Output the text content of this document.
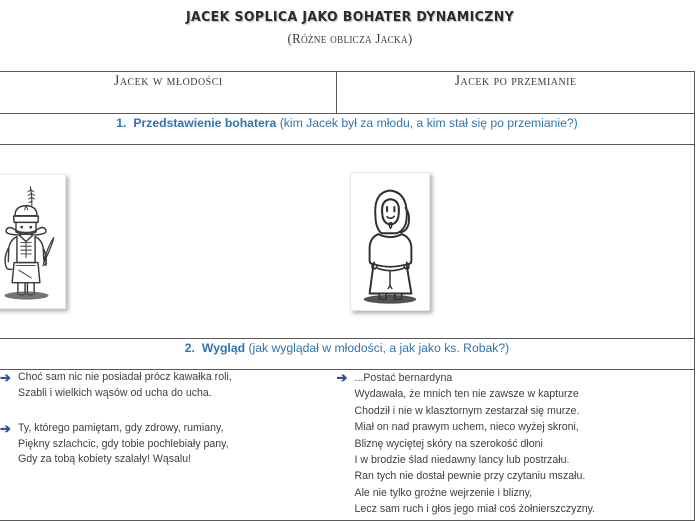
JACEK SOPLICA JAKO BOHATER DYNAMICZNY
(Różne oblicza Jacka)
Jacek w młodości	Jacek po przemianie
1. Przedstawienie bohatera (kim Jacek był za młodu, a kim stał się po przemianie?)	

2. Wygląd (jak wyglądał w młodości, a jak jako ks. Robak?)	

➔ Choć sam nic nie posiadał prócz kawałka roli,
Szabli i wielkich wąsów od ucha do ucha.
➔ Ty, którego pamiętam, gdy zdrowy, rumiany,
Piękny szlachcic, gdy tobie pochlebiały pany,
Gdy za tobą kobiety szalały! Wąsalu!

➔ ...Postać bernardyna
Wydawała, że mnich ten nie zawsze w kapturze
Chodził i nie w klasztornym zestarzał się murze.
Miał on nad prawym uchem, nieco wyżej skroni,
Bliznę wyciętej skóry na szerokość dłoni
I w brodzie ślad niedawny lancy lub postrzału.
Ran tych nie dostał pewnie przy czytaniu mszału.
Ale nie tylko groźne wejrzenie i blizny,
Lecz sam ruch i głos jego miał coś żołnierszczyzny.
